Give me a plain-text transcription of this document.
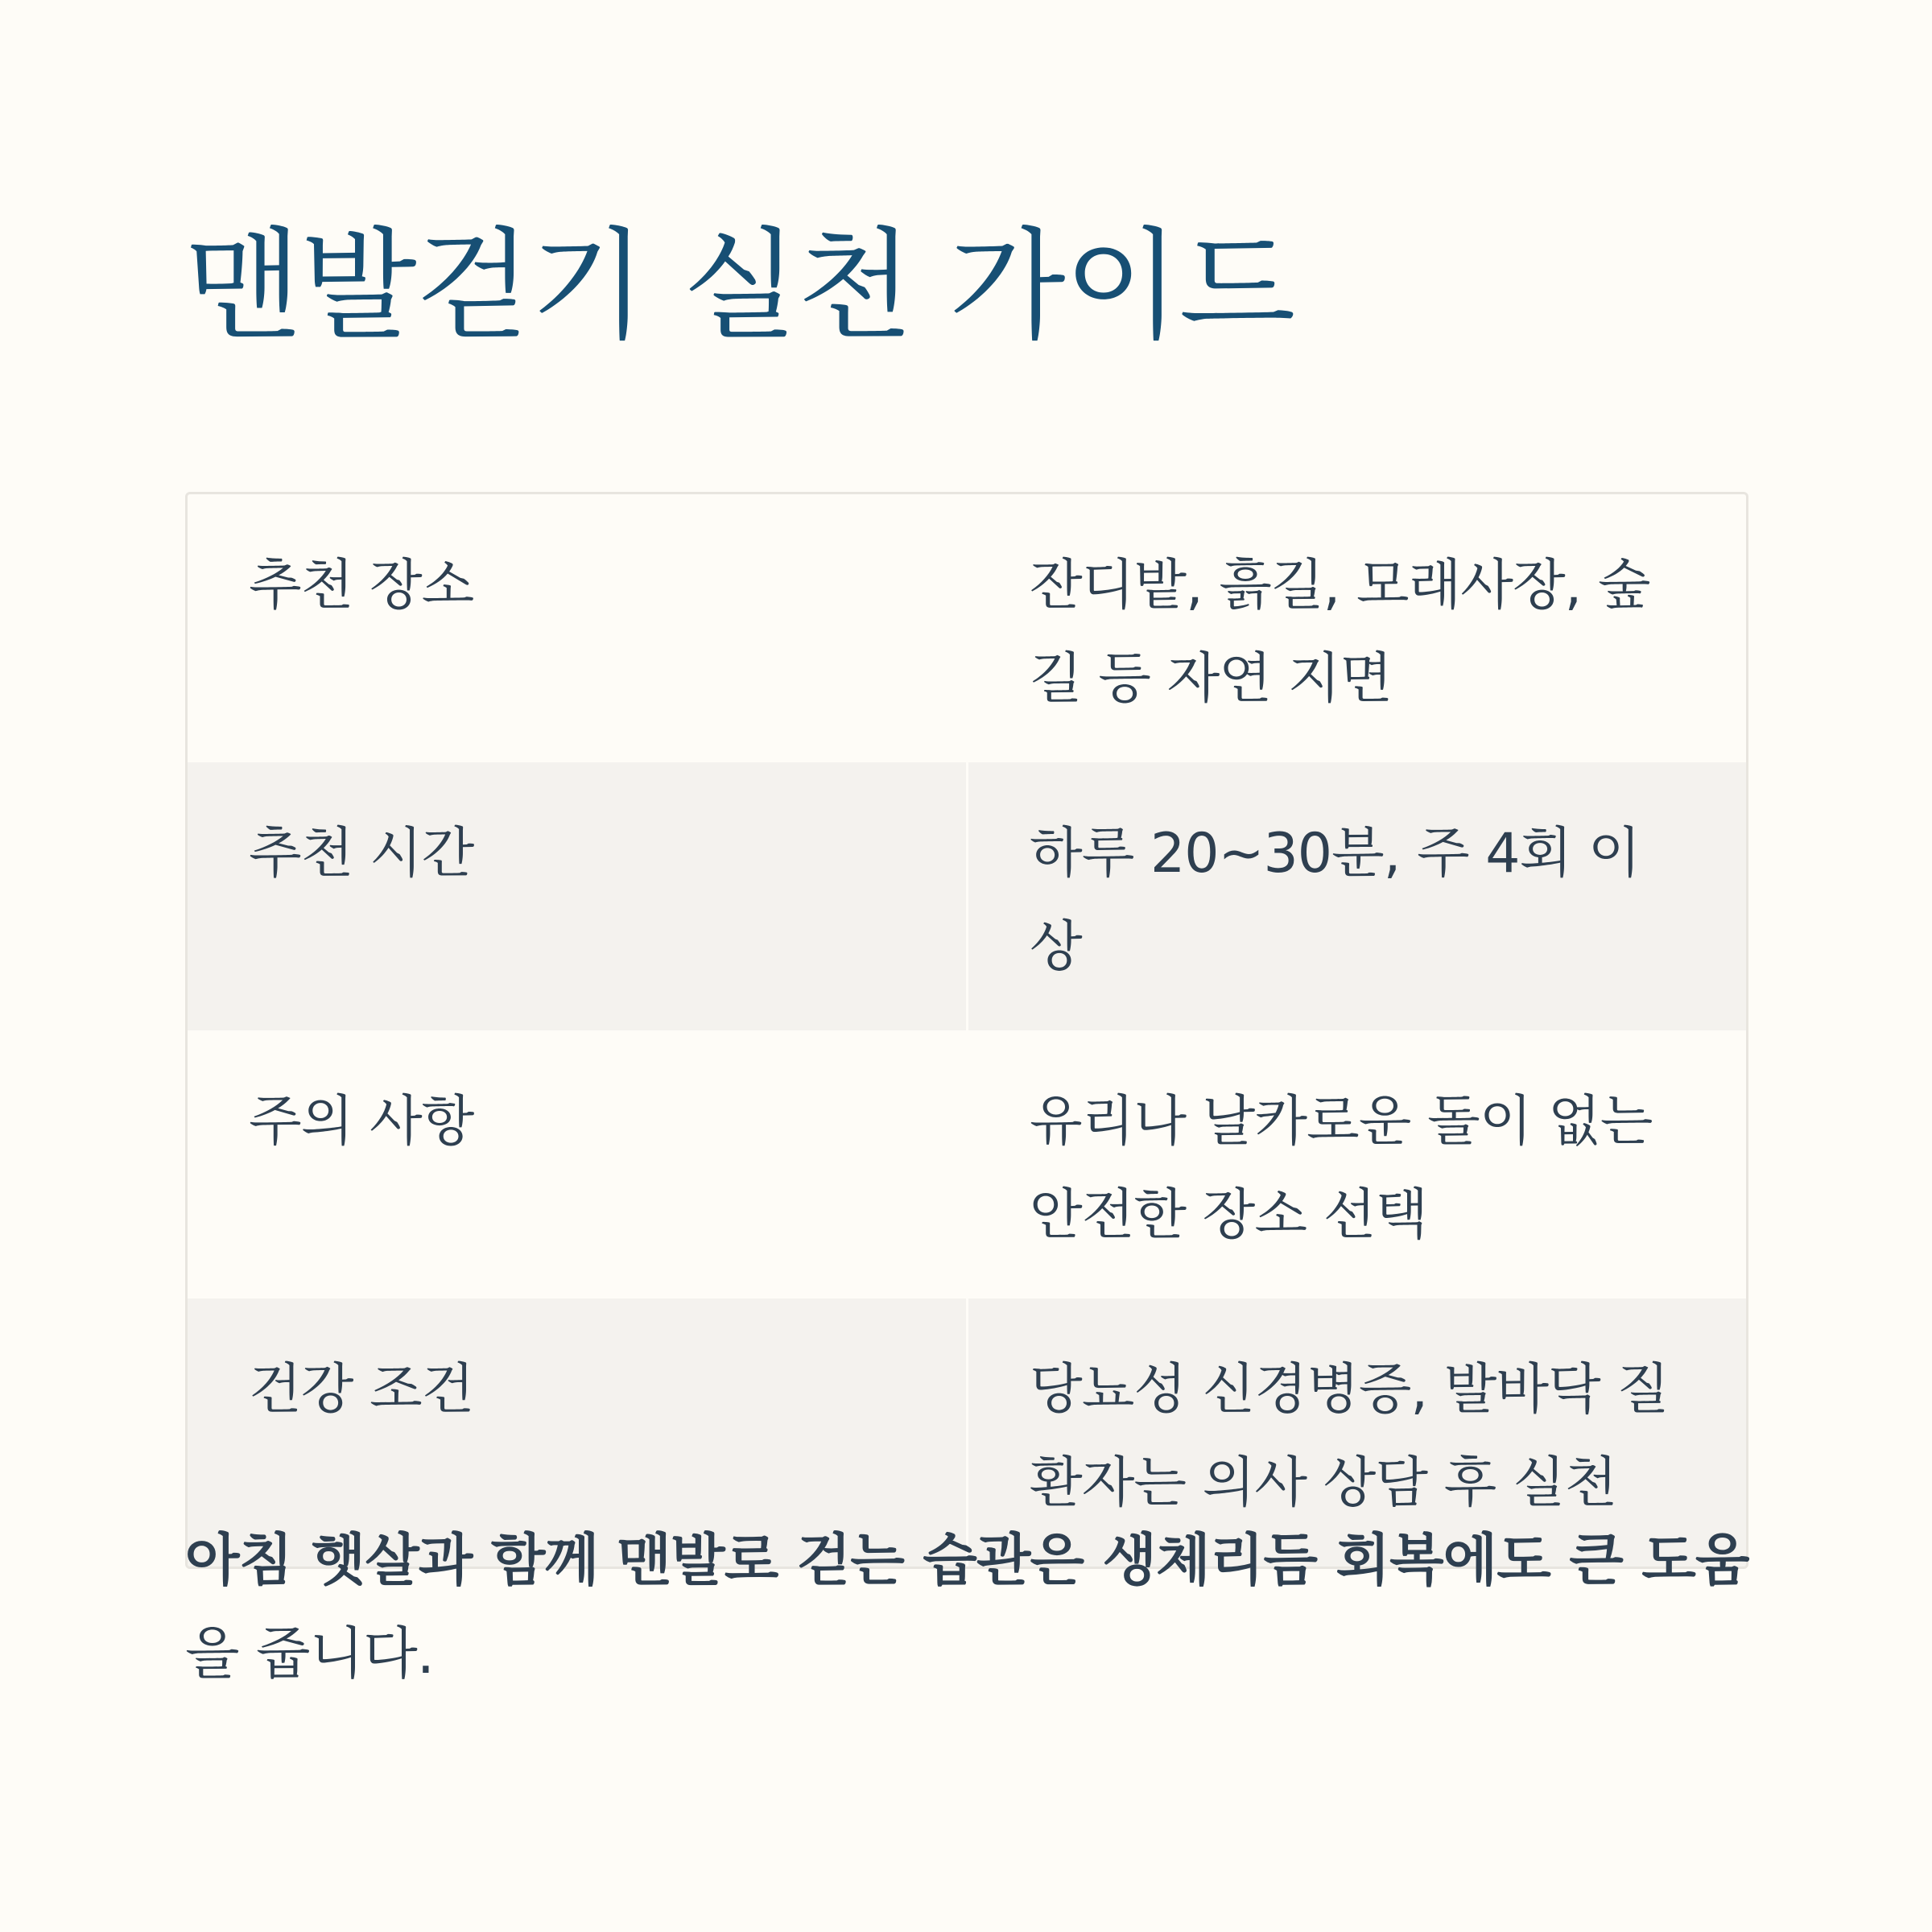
맨발걷기 실천 가이드
추천 장소	잔디밭, 흙길, 모래사장, 숲길 등 자연 지면
추천 시간	하루 20~30분, 주 4회 이상
주의 사항	유리나 날카로운 돌이 없는 안전한 장소 선택
건강 조건	당뇨성 신경병증, 발바닥 질환자는 의사 상담 후 실천

아침 햇살과 함께 맨발로 걷는 습관은 생체리듬 회복에도 큰 도움을 줍니다.
